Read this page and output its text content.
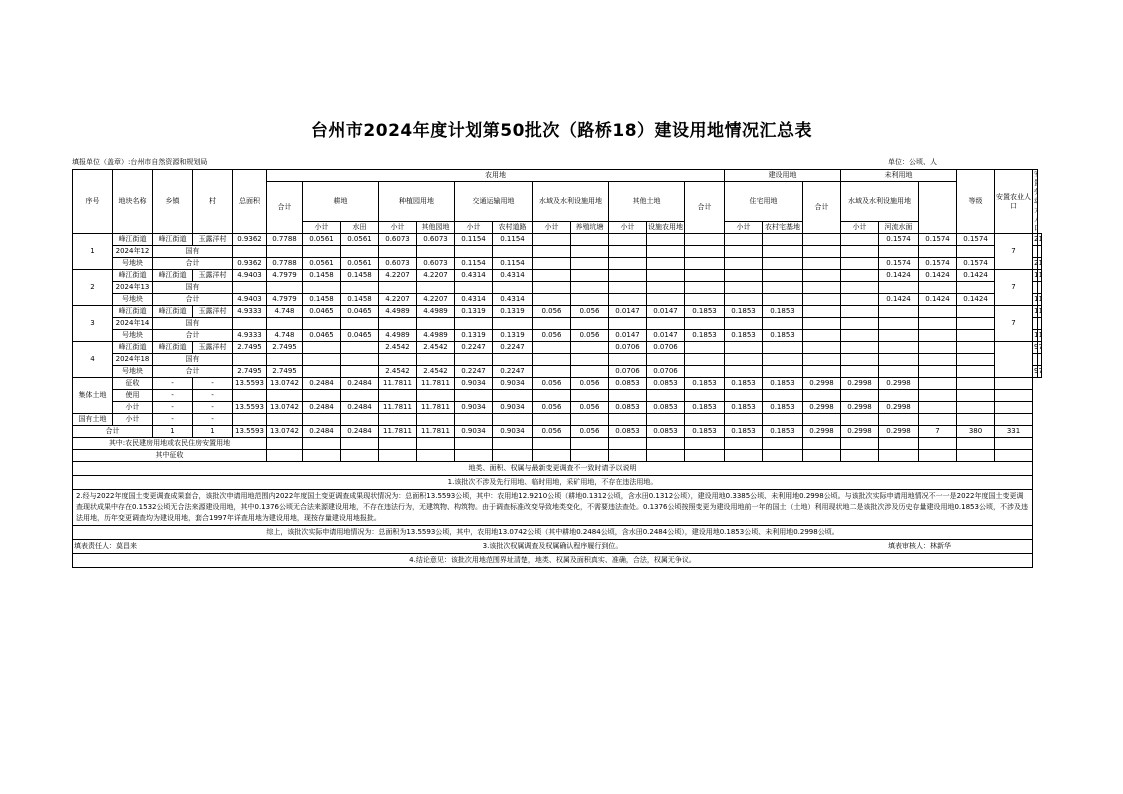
台州市2024年度计划第50批次（路桥18）建设用地情况汇总表
填报单位（盖章）:台州市自然资源和规划局	单位：公顷、人
序号	地块名称	乡镇	村	总面积	农用地												建设用地			未利用地			等级	安置农业人口	
					合计	耕地		种植园用地		交通运输用地		水域及水利设施用地		其他土地		合计	住宅用地		合计	水域及水利设施用地						
						小计	水田	小计	其他园地	小计	农村道路	小计	养殖坑塘	小计	设施农用地		小计	农村宅基地		小计	河流水面					
1	峰江街道	峰江街道	玉露洋村	0.9362	0.7788	0.0561	0.0561	0.6073	0.6073	0.1154	0.1154										0.1574	0.1574	0.1574	7		
	2024年12	国有																								
	号地块	合计		0.9362	0.7788	0.0561	0.0561	0.6073	0.6073	0.1154	0.1154										0.1574	0.1574	0.1574		
2	峰江街道	峰江街道	玉露洋村	4.9403	4.7979	0.1458	0.1458	4.2207	4.2207	0.4314	0.4314										0.1424	0.1424	0.1424	7		
	2024年13	国有																								
	号地块	合计		4.9403	4.7979	0.1458	0.1458	4.2207	4.2207	0.4314	0.4314										0.1424	0.1424	0.1424		
3	峰江街道	峰江街道	玉露洋村	4.9333	4.748	0.0465	0.0465	4.4989	4.4989	0.1319	0.1319	0.056	0.056	0.0147	0.0147	0.1853	0.1853	0.1853						7		
	2024年14	国有																								
	号地块	合计		4.9333	4.748	0.0465	0.0465	4.4989	4.4989	0.1319	0.1319	0.056	0.056	0.0147	0.0147	0.1853	0.1853	0.1853							
4	峰江街道	峰江街道	玉露洋村	2.7495	2.7495			2.4542	2.4542	0.2247	0.2247			0.0706	0.0706											
	2024年18	国有																								
	号地块	合计		2.7495	2.7495			2.4542	2.4542	0.2247	0.2247			0.0706	0.0706										
集体土地	征收	-	-	13.5593	13.0742	0.2484	0.2484	11.7811	11.7811	0.9034	0.9034	0.056	0.056	0.0853	0.0853	0.1853	0.1853	0.1853	0.2998	0.2998	0.2998					
	使用	-	-																							
	小计	-	-	13.5593	13.0742	0.2484	0.2484	11.7811	11.7811	0.9034	0.9034	0.056	0.056	0.0853	0.0853	0.1853	0.1853	0.1853	0.2998	0.2998	0.2998					
国有土地	小计	-	-																							
合计		1	1	13.5593	13.0742	0.2484	0.2484	11.7811	11.7811	0.9034	0.9034	0.056	0.056	0.0853	0.0853	0.1853	0.1853	0.1853	0.2998	0.2998	0.2998	7	380	331		
其中:农民建房用地或农民住房安置用地																										
其中征收																										
地类、面积、权属与最新变更调查不一致时请予以说明																										
1.该批次不涉及先行用地、临时用地，采矿用地，不存在违法用地。																										
2.经与2022年度国土变更调查成果套合，该批次申请用地范围内2022年度国土变更调查成果现状情况为：总面积13.5593公顷，其中：农用地12.9210公顷（耕地0.1312公顷，含水田0.1312公顷），建设用地0.3385公顷、未利用地0.2998公顷。与该批次实际申请用地情况不一一是2022年度国土变更调查现状成果中存在0.1532公顷无合法来源建设用地，其中0.1376公顷无合法来源建设用地，不存在违法行为，无建筑物、构筑物。由于调查标准改变导致地类变化，不需要违法查处。0.1376公顷按照变更为建设用地前一年的国土（土地）利用现状地二是该批次涉及历史存量建设用地0.1853公顷，不涉及违法用地，历年变更调查均为建设用地，套合1997年详查用地为建设用地，现按存量建设用地报批。																										
综上，该批次实际申请用地情况为：总面积为13.5593公顷，其中，农用地13.0742公顷（其中耕地0.2484公顷，含水田0.2484公顷），建设用地0.1853公顷、未利用地0.2998公顷。																										
3.该批次权属调查及权属确认程序履行到位。																										
4.结论意见：该批次用地范围界址清楚，地类、权属及面积真实、准确，合法，权属无争议。																										
填表责任人：莫昌来	填表审核人：林新华
